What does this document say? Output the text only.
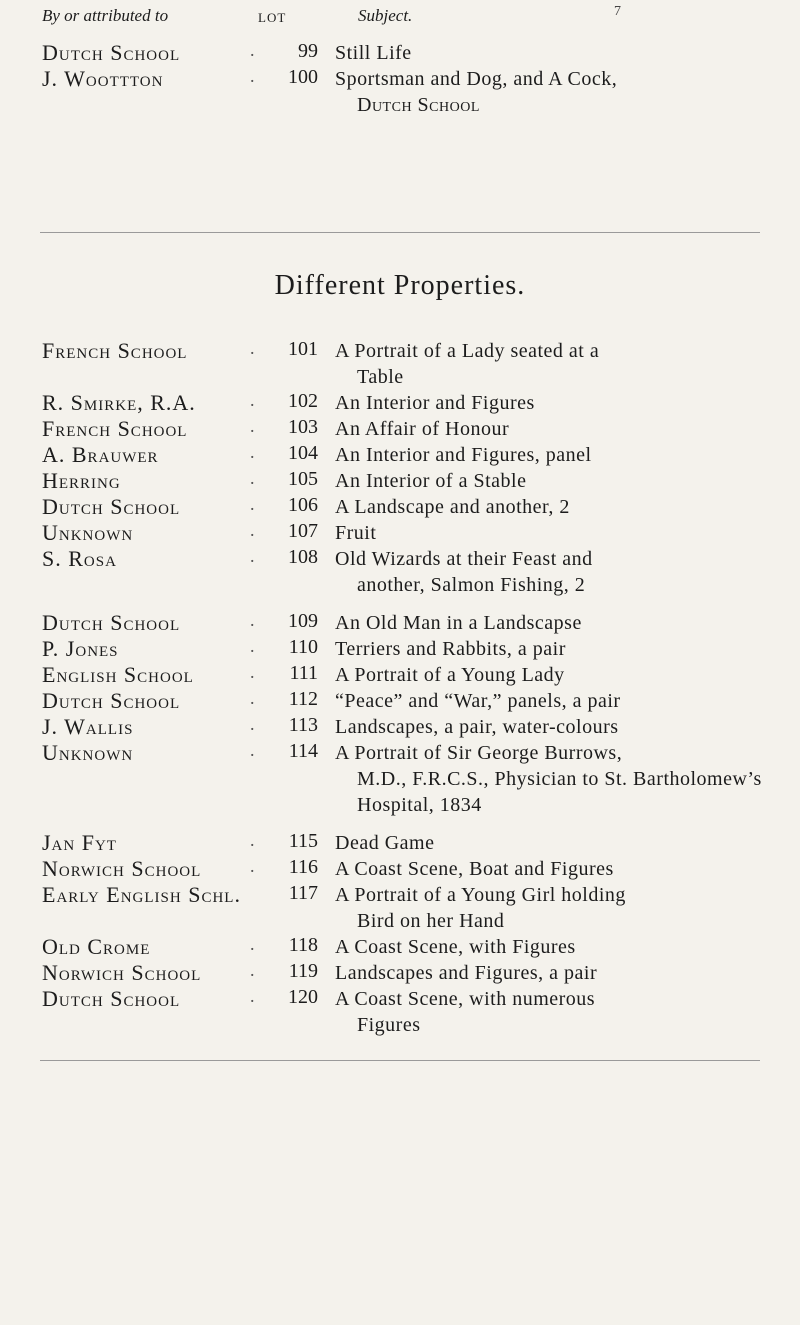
7
By or attributed to	LOT	Subject.
Dutch School	.	99 Still Life
J. Woottton	.	100 Sportsman and Dog, and A Cock,
Dutch School
Different Properties.
French School	.	101 A Portrait of a Lady seated at a
Table
R. Smirke, R.A.	.	102 An Interior and Figures
French School	.	103 An Affair of Honour
A. Brauwer	.	104 An Interior and Figures, panel
Herring	.	105 An Interior of a Stable
Dutch School	.	106 A Landscape and another, 2
Unknown	.	107 Fruit
S. Rosa	.	108 Old Wizards at their Feast and
another, Salmon Fishing, 2
Dutch School	.	109 An Old Man in a Landscapse
P. Jones	.	110 Terriers and Rabbits, a pair
English School	.	111 A Portrait of a Young Lady
Dutch School	.	112 “Peace” and “War,” panels, a pair
J. Wallis	.	113 Landscapes, a pair, water-colours
Unknown	.	114 A Portrait of Sir George Burrows,
M.D., F.R.C.S., Physician to St. Bartholomew’s Hospital, 1834
Jan Fyt	.	115 Dead Game
Norwich School	.	116 A Coast Scene, Boat and Figures
Early English Schl.	117 A Portrait of a Young Girl holding
Bird on her Hand
Old Crome	.	118 A Coast Scene, with Figures
Norwich School	.	119 Landscapes and Figures, a pair
Dutch School	.	120 A Coast Scene, with numerous
Figures
